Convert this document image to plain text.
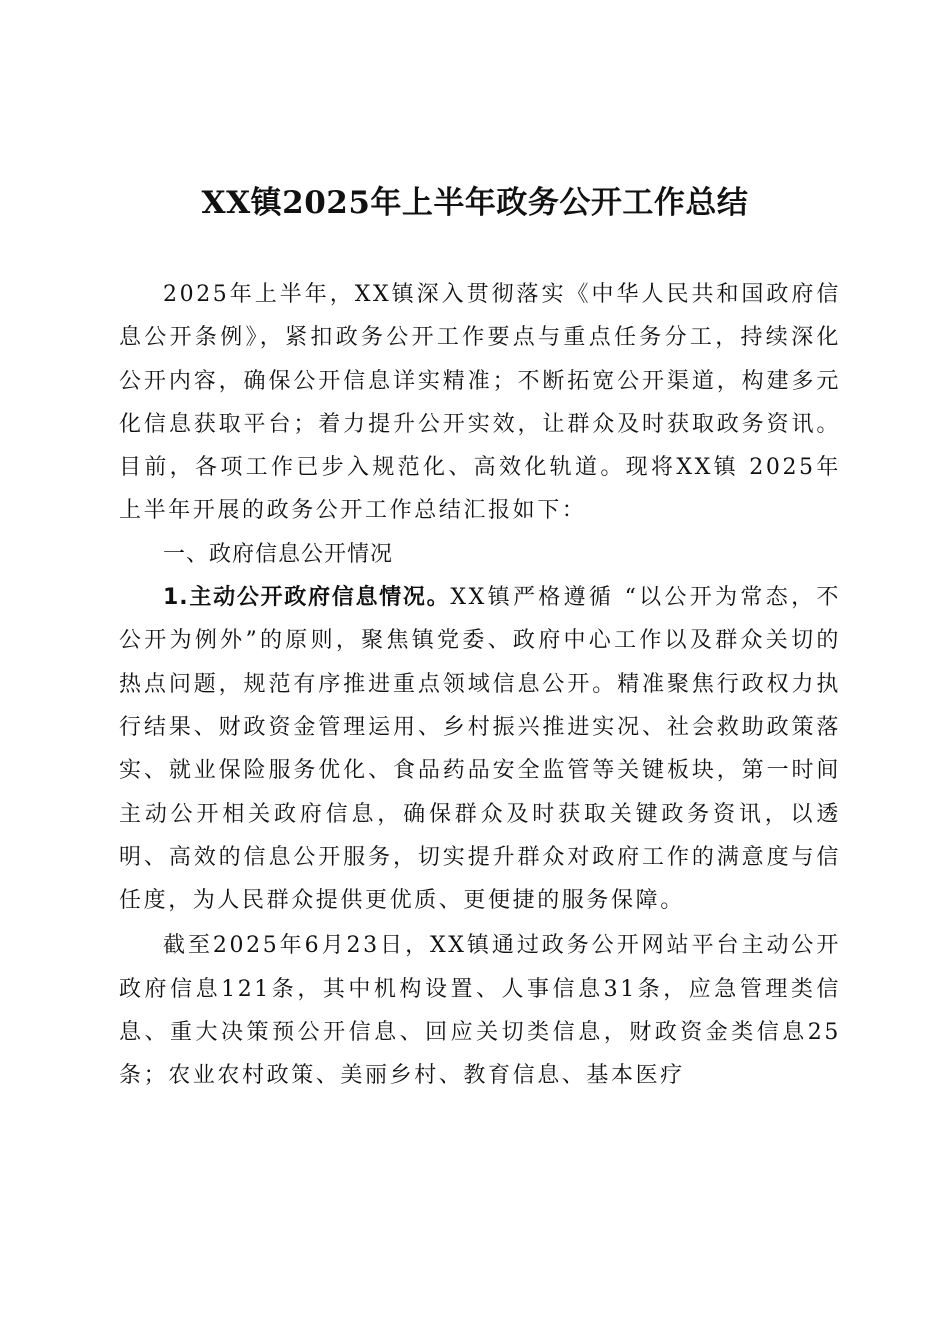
XX镇2025年上半年政务公开工作总结

2025年上半年，XX镇深入贯彻落实《中华人民共和国政府信息公开条例》，紧扣政务公开工作要点与重点任务分工，持续深化公开内容，确保公开信息详实精准；不断拓宽公开渠道，构建多元化信息获取平台；着力提升公开实效，让群众及时获取政务资讯。目前，各项工作已步入规范化、高效化轨道。现将XX镇 2025年上半年开展的政务公开工作总结汇报如下：

一、政府信息公开情况

1.主动公开政府信息情况。XX镇严格遵循 “以公开为常态，不公开为例外”的原则，聚焦镇党委、政府中心工作以及群众关切的热点问题，规范有序推进重点领域信息公开。精准聚焦行政权力执行结果、财政资金管理运用、乡村振兴推进实况、社会救助政策落实、就业保险服务优化、食品药品安全监管等关键板块，第一时间主动公开相关政府信息，确保群众及时获取关键政务资讯，以透明、高效的信息公开服务，切实提升群众对政府工作的满意度与信任度，为人民群众提供更优质、更便捷的服务保障。

截至2025年6月23日，XX镇通过政务公开网站平台主动公开政府信息121条，其中机构设置、人事信息31条，应急管理类信息、重大决策预公开信息、回应关切类信息，财政资金类信息25条；农业农村政策、美丽乡村、教育信息、基本医疗
